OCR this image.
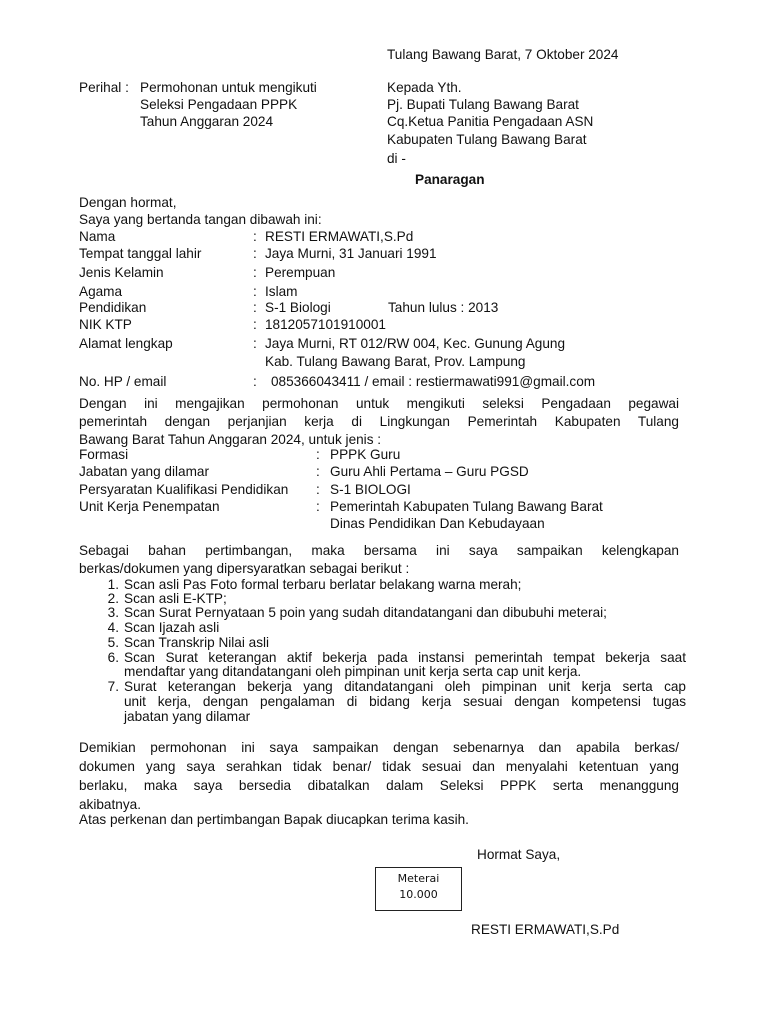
Tulang Bawang Barat, 7 Oktober 2024
Perihal : Permohonan untuk mengikuti
Seleksi Pengadaan PPPK
Tahun Anggaran 2024
Kepada Yth.
Pj. Bupati Tulang Bawang Barat
Cq.Ketua Panitia Pengadaan ASN
Kabupaten Tulang Bawang Barat
di -
Panaragan
Dengan hormat,
Saya yang bertanda tangan dibawah ini:
Nama	: RESTI ERMAWATI,S.Pd
Tempat tanggal lahir	: Jaya Murni, 31 Januari 1991
Jenis Kelamin	: Perempuan
Agama	: Islam
Pendidikan	: S-1 Biologi	Tahun lulus : 2013
NIK KTP	: 1812057101910001
Alamat lengkap	: Jaya Murni, RT 012/RW 004, Kec. Gunung Agung
Kab. Tulang Bawang Barat, Prov. Lampung
No. HP / email	: 085366043411 / email : restiermawati991@gmail.com
Dengan ini mengajikan permohonan untuk mengikuti seleksi Pengadaan pegawai
pemerintah dengan perjanjian kerja di Lingkungan Pemerintah Kabupaten Tulang
Bawang Barat Tahun Anggaran 2024, untuk jenis :
Formasi	: PPPK Guru
Jabatan yang dilamar	: Guru Ahli Pertama – Guru PGSD
Persyaratan Kualifikasi Pendidikan : S-1 BIOLOGI
Unit Kerja Penempatan	: Pemerintah Kabupaten Tulang Bawang Barat
Dinas Pendidikan Dan Kebudayaan
Sebagai bahan pertimbangan, maka bersama ini saya sampaikan kelengkapan
berkas/dokumen yang dipersyaratkan sebagai berikut :
1. Scan asli Pas Foto formal terbaru berlatar belakang warna merah;
2. Scan asli E-KTP;
3. Scan Surat Pernyataan 5 poin yang sudah ditandatangani dan dibubuhi meterai;
4. Scan Ijazah asli
5. Scan Transkrip Nilai asli
6. Scan Surat keterangan aktif bekerja pada instansi pemerintah tempat bekerja saat
mendaftar yang ditandatangani oleh pimpinan unit kerja serta cap unit kerja.
7. Surat keterangan bekerja yang ditandatangani oleh pimpinan unit kerja serta cap
unit kerja, dengan pengalaman di bidang kerja sesuai dengan kompetensi tugas
jabatan yang dilamar
Demikian permohonan ini saya sampaikan dengan sebenarnya dan apabila berkas/
dokumen yang saya serahkan tidak benar/ tidak sesuai dan menyalahi ketentuan yang
berlaku, maka saya bersedia dibatalkan dalam Seleksi PPPK serta menanggung
akibatnya.
Atas perkenan dan pertimbangan Bapak diucapkan terima kasih.
Hormat Saya,
Meterai
10.000
RESTI ERMAWATI,S.Pd
